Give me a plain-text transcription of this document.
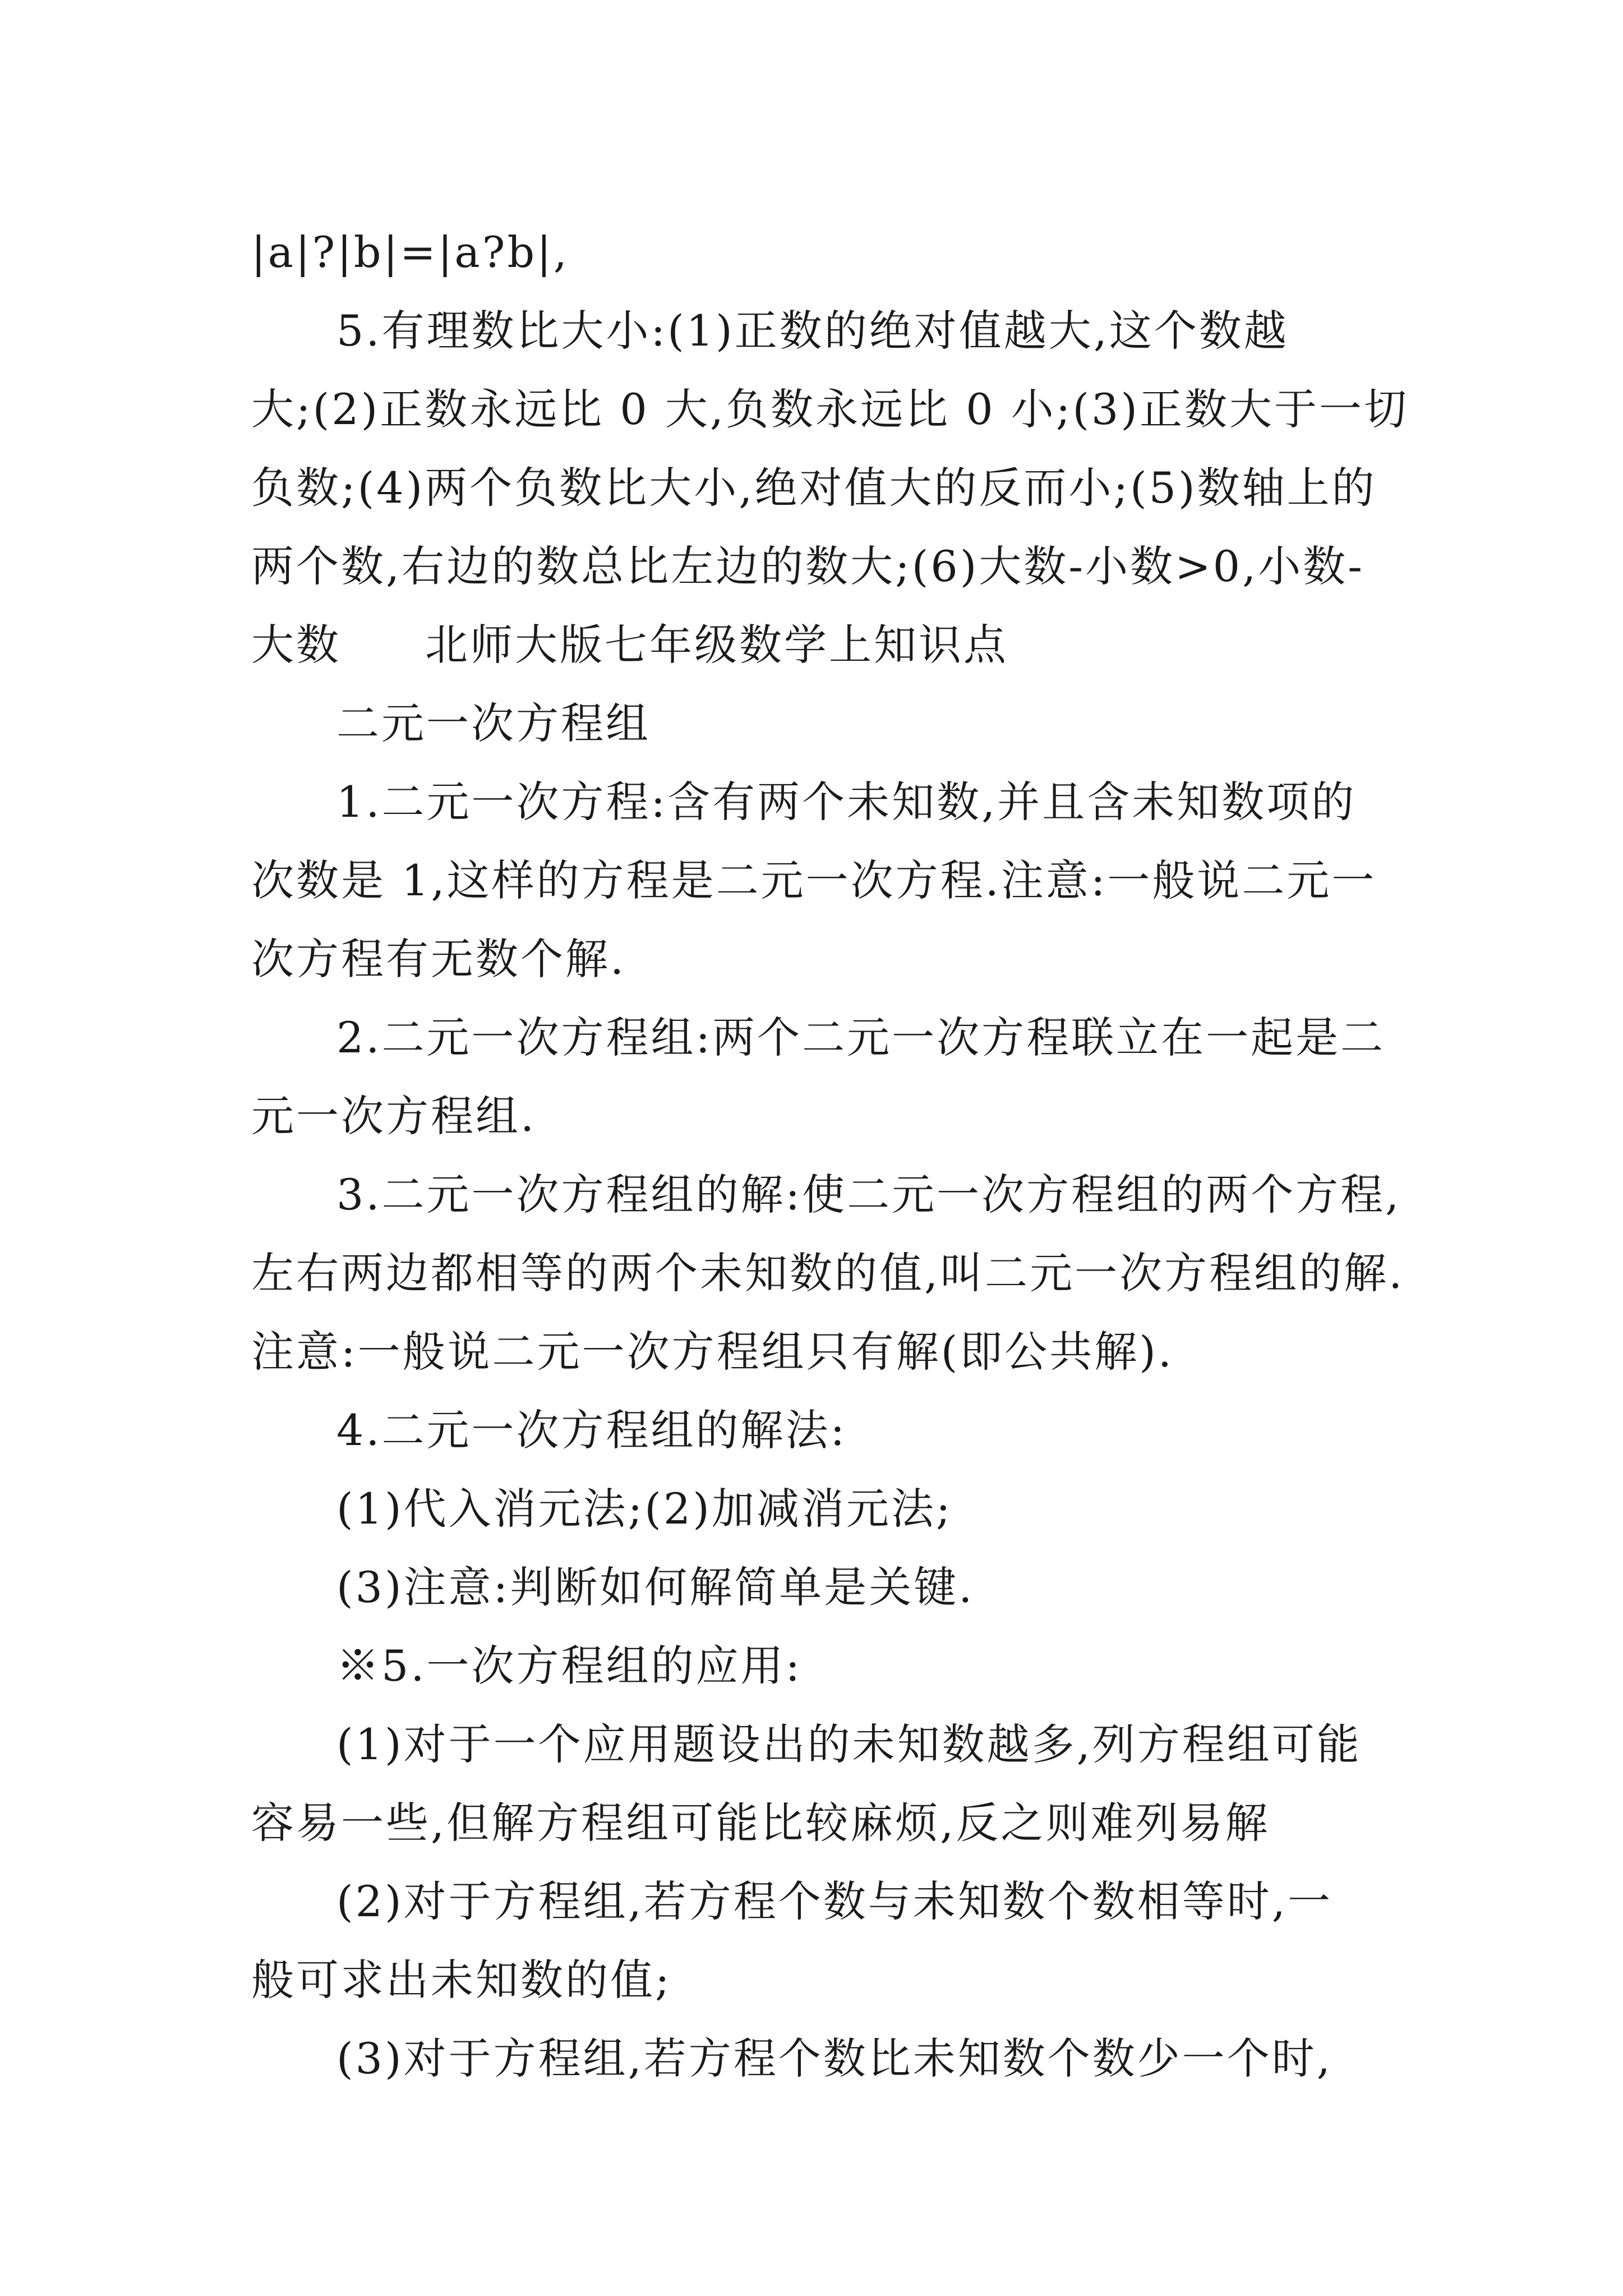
|a|?|b|=|a?b|,
5.有理数比大小:(1)正数的绝对值越大,这个数越
大;(2)正数永远比 0 大,负数永远比 0 小;(3)正数大于一切
负数;(4)两个负数比大小,绝对值大的反而小;(5)数轴上的
两个数,右边的数总比左边的数大;(6)大数-小数>0,小数-
大数 北师大版七年级数学上知识点
二元一次方程组
1.二元一次方程:含有两个未知数,并且含未知数项的
次数是 1,这样的方程是二元一次方程.注意:一般说二元一
次方程有无数个解.
2.二元一次方程组:两个二元一次方程联立在一起是二
元一次方程组.
3.二元一次方程组的解:使二元一次方程组的两个方程,
左右两边都相等的两个未知数的值,叫二元一次方程组的解.
注意:一般说二元一次方程组只有解(即公共解).
4.二元一次方程组的解法:
(1)代入消元法;(2)加减消元法;
(3)注意:判断如何解简单是关键.
※5.一次方程组的应用:
(1)对于一个应用题设出的未知数越多,列方程组可能
容易一些,但解方程组可能比较麻烦,反之则难列易解
(2)对于方程组,若方程个数与未知数个数相等时,一
般可求出未知数的值;
(3)对于方程组,若方程个数比未知数个数少一个时,
